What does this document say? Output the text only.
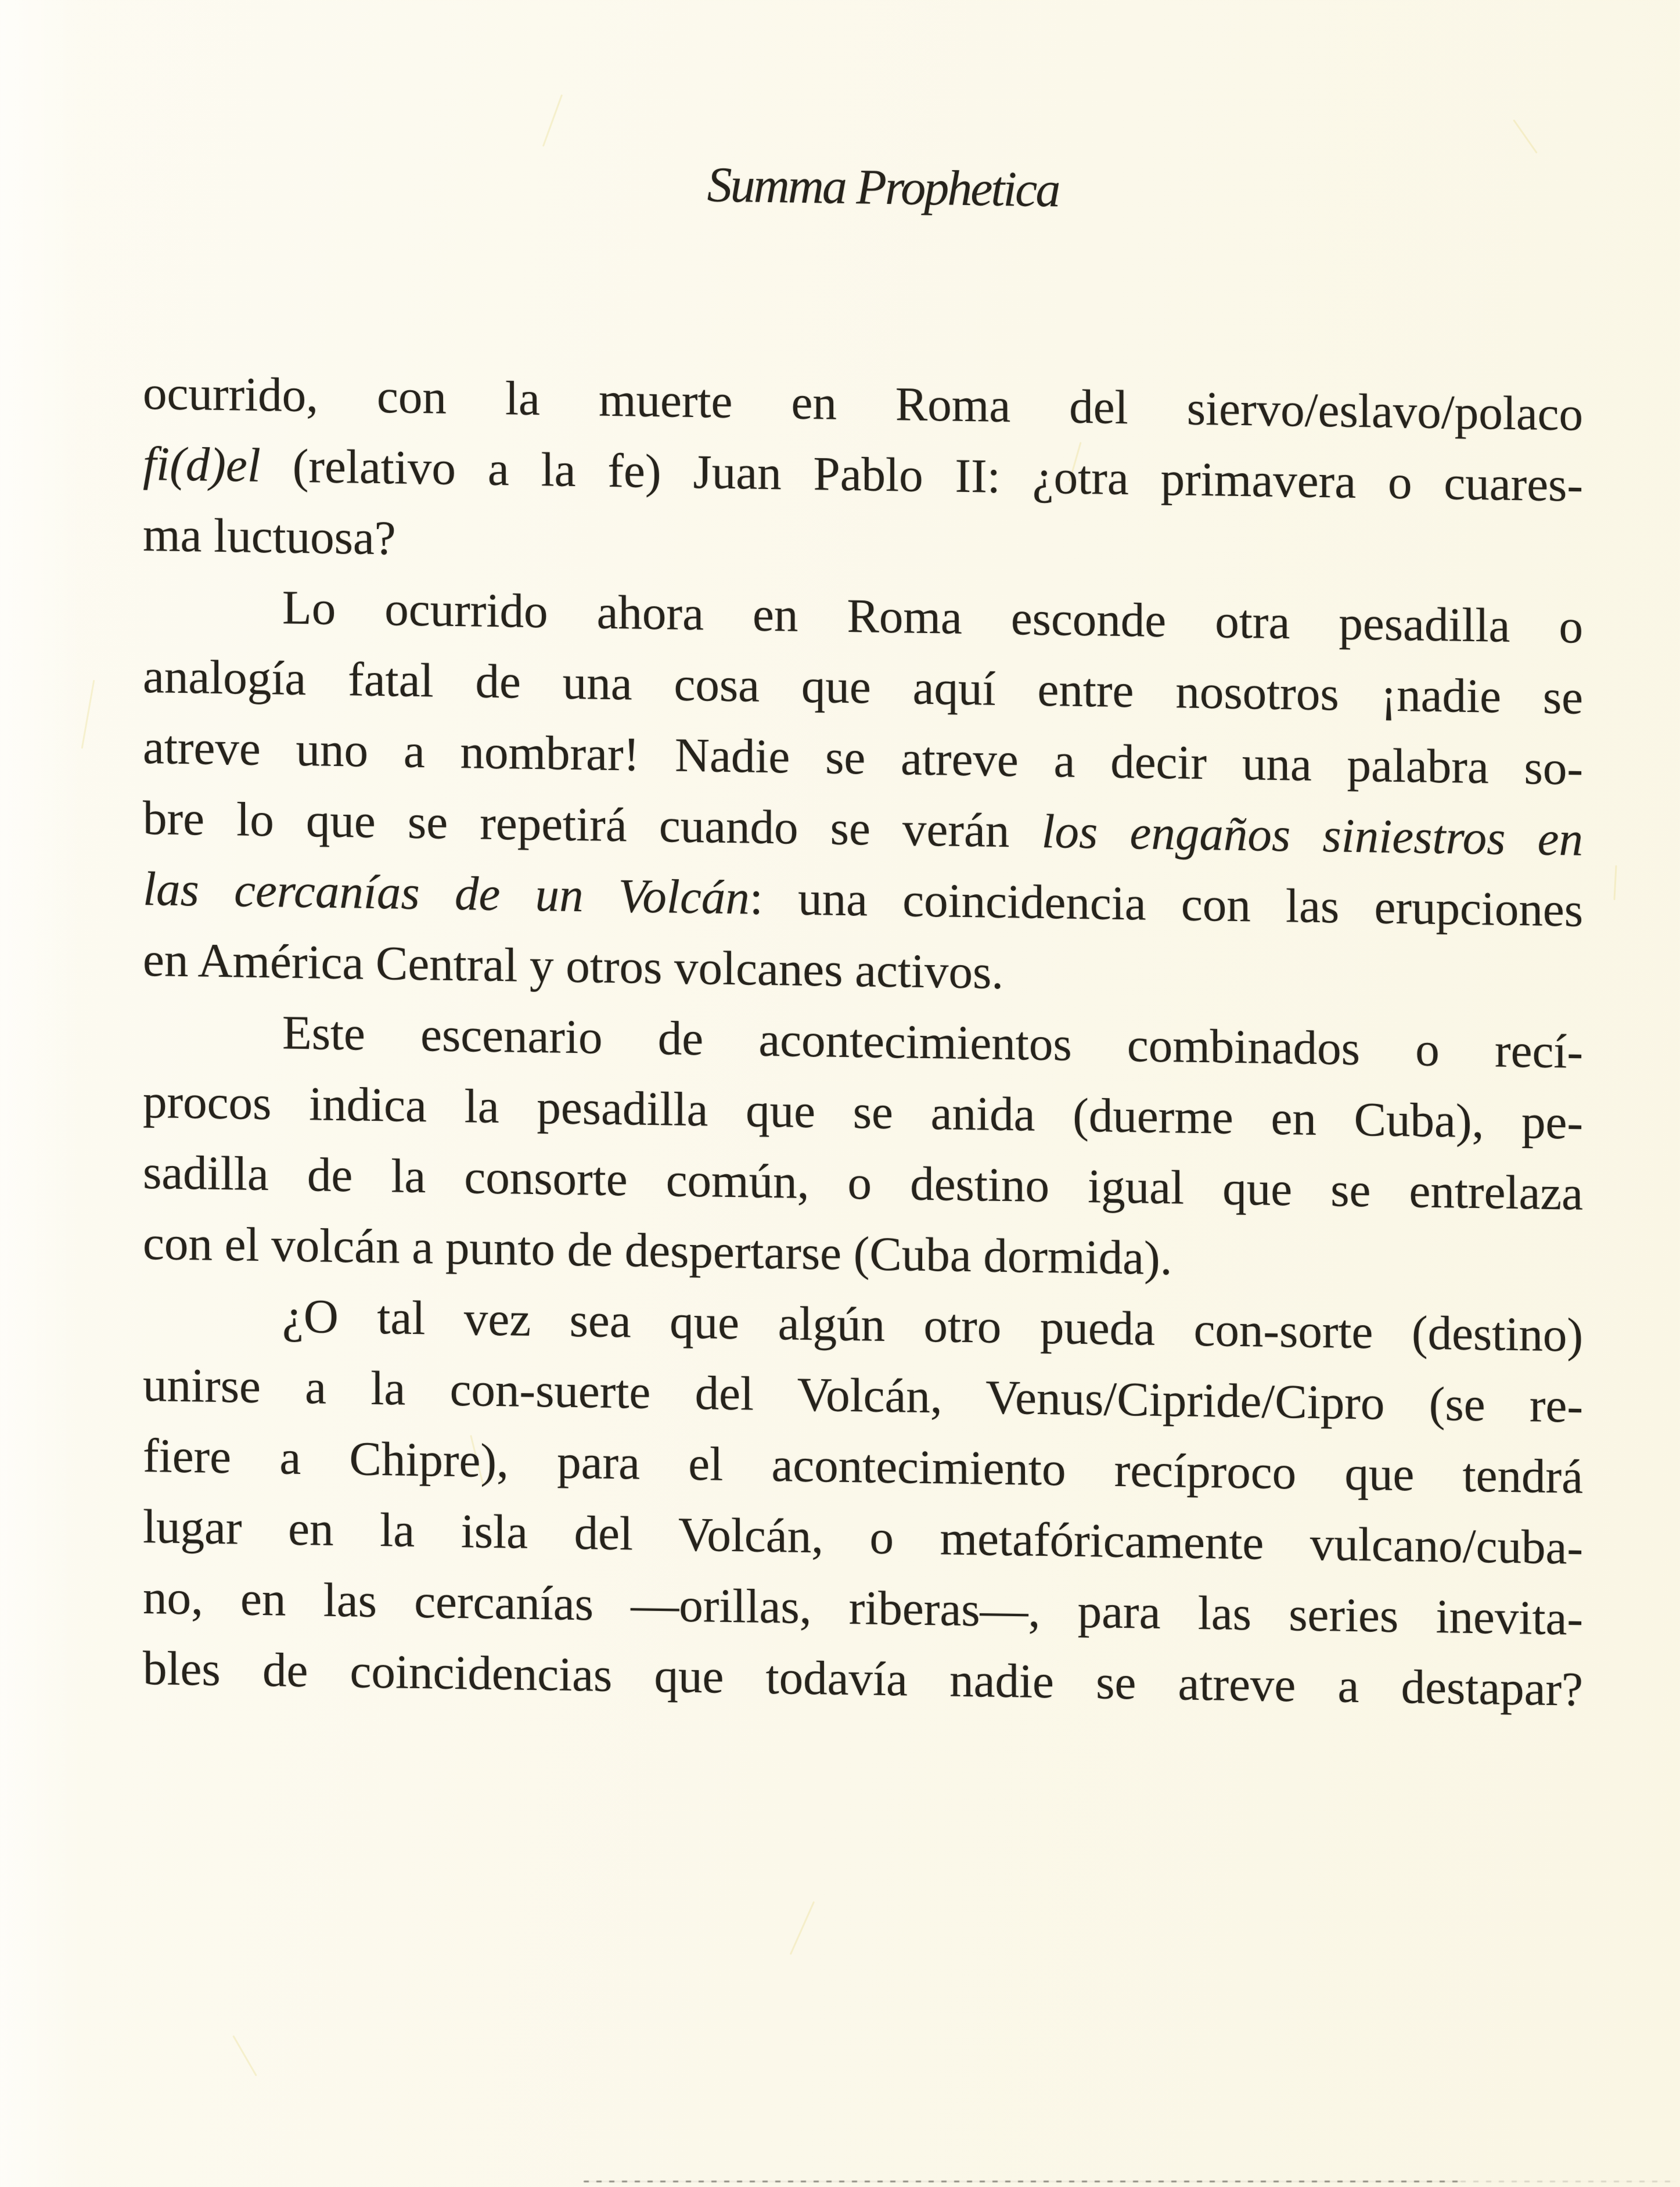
Summa Prophetica
ocurrido, con la muerte en Roma del siervo/eslavo/polaco
fi(d)el (relativo a la fe) Juan Pablo II: ¿otra primavera o cuares-
ma luctuosa?
Lo ocurrido ahora en Roma esconde otra pesadilla o
analogía fatal de una cosa que aquí entre nosotros ¡nadie se
atreve uno a nombrar! Nadie se atreve a decir una palabra so-
bre lo que se repetirá cuando se verán los engaños siniestros en
las cercanías de un Volcán: una coincidencia con las erupciones
en América Central y otros volcanes activos.
Este escenario de acontecimientos combinados o recí-
procos indica la pesadilla que se anida (duerme en Cuba), pe-
sadilla de la consorte común, o destino igual que se entrelaza
con el volcán a punto de despertarse (Cuba dormida).
¿O tal vez sea que algún otro pueda con-sorte (destino)
unirse a la con-suerte del Volcán, Venus/Cipride/Cipro (se re-
fiere a Chipre), para el acontecimiento recíproco que tendrá
lugar en la isla del Volcán, o metafóricamente vulcano/cuba-
no, en las cercanías —orillas, riberas—, para las series inevita-
bles de coincidencias que todavía nadie se atreve a destapar?
